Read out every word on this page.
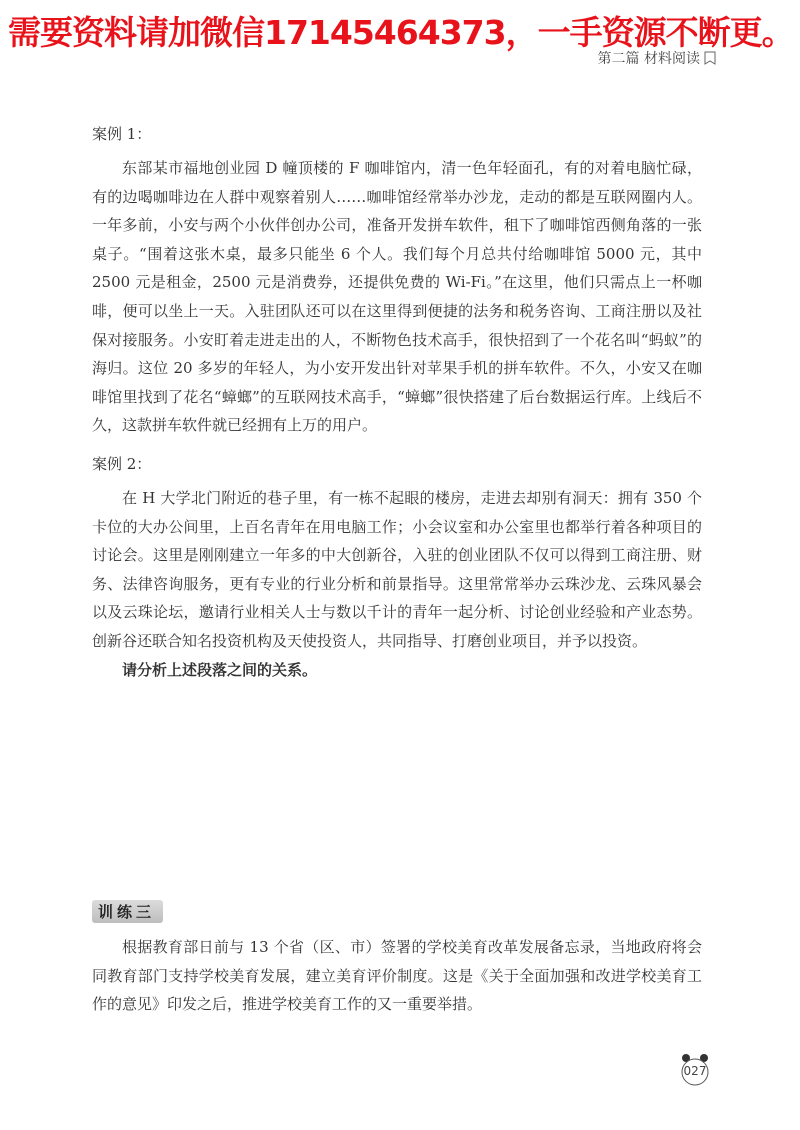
需要资料请加微信17145464373，一手资源不断更。
第二篇 材料阅读

案例 1：

东部某市福地创业园 D 幢顶楼的 F 咖啡馆内，清一色年轻面孔，有的对着电脑忙碌，有的边喝咖啡边在人群中观察着别人……咖啡馆经常举办沙龙，走动的都是互联网圈内人。一年多前，小安与两个小伙伴创办公司，准备开发拼车软件，租下了咖啡馆西侧角落的一张桌子。“围着这张木桌，最多只能坐 6 个人。我们每个月总共付给咖啡馆 5000 元，其中 2500 元是租金，2500 元是消费券，还提供免费的 Wi-Fi。”在这里，他们只需点上一杯咖啡，便可以坐上一天。入驻团队还可以在这里得到便捷的法务和税务咨询、工商注册以及社保对接服务。小安盯着走进走出的人，不断物色技术高手，很快招到了一个花名叫“蚂蚁”的海归。这位 20 多岁的年轻人，为小安开发出针对苹果手机的拼车软件。不久，小安又在咖啡馆里找到了花名“蟑螂”的互联网技术高手，“蟑螂”很快搭建了后台数据运行库。上线后不久，这款拼车软件就已经拥有上万的用户。

案例 2：

在 H 大学北门附近的巷子里，有一栋不起眼的楼房，走进去却别有洞天：拥有 350 个卡位的大办公间里，上百名青年在用电脑工作；小会议室和办公室里也都举行着各种项目的讨论会。这里是刚刚建立一年多的中大创新谷，入驻的创业团队不仅可以得到工商注册、财务、法律咨询服务，更有专业的行业分析和前景指导。这里常常举办云珠沙龙、云珠风暴会以及云珠论坛，邀请行业相关人士与数以千计的青年一起分析、讨论创业经验和产业态势。创新谷还联合知名投资机构及天使投资人，共同指导、打磨创业项目，并予以投资。

请分析上述段落之间的关系。

训练三

根据教育部日前与 13 个省（区、市）签署的学校美育改革发展备忘录，当地政府将会同教育部门支持学校美育发展，建立美育评价制度。这是《关于全面加强和改进学校美育工作的意见》印发之后，推进学校美育工作的又一重要举措。

027
